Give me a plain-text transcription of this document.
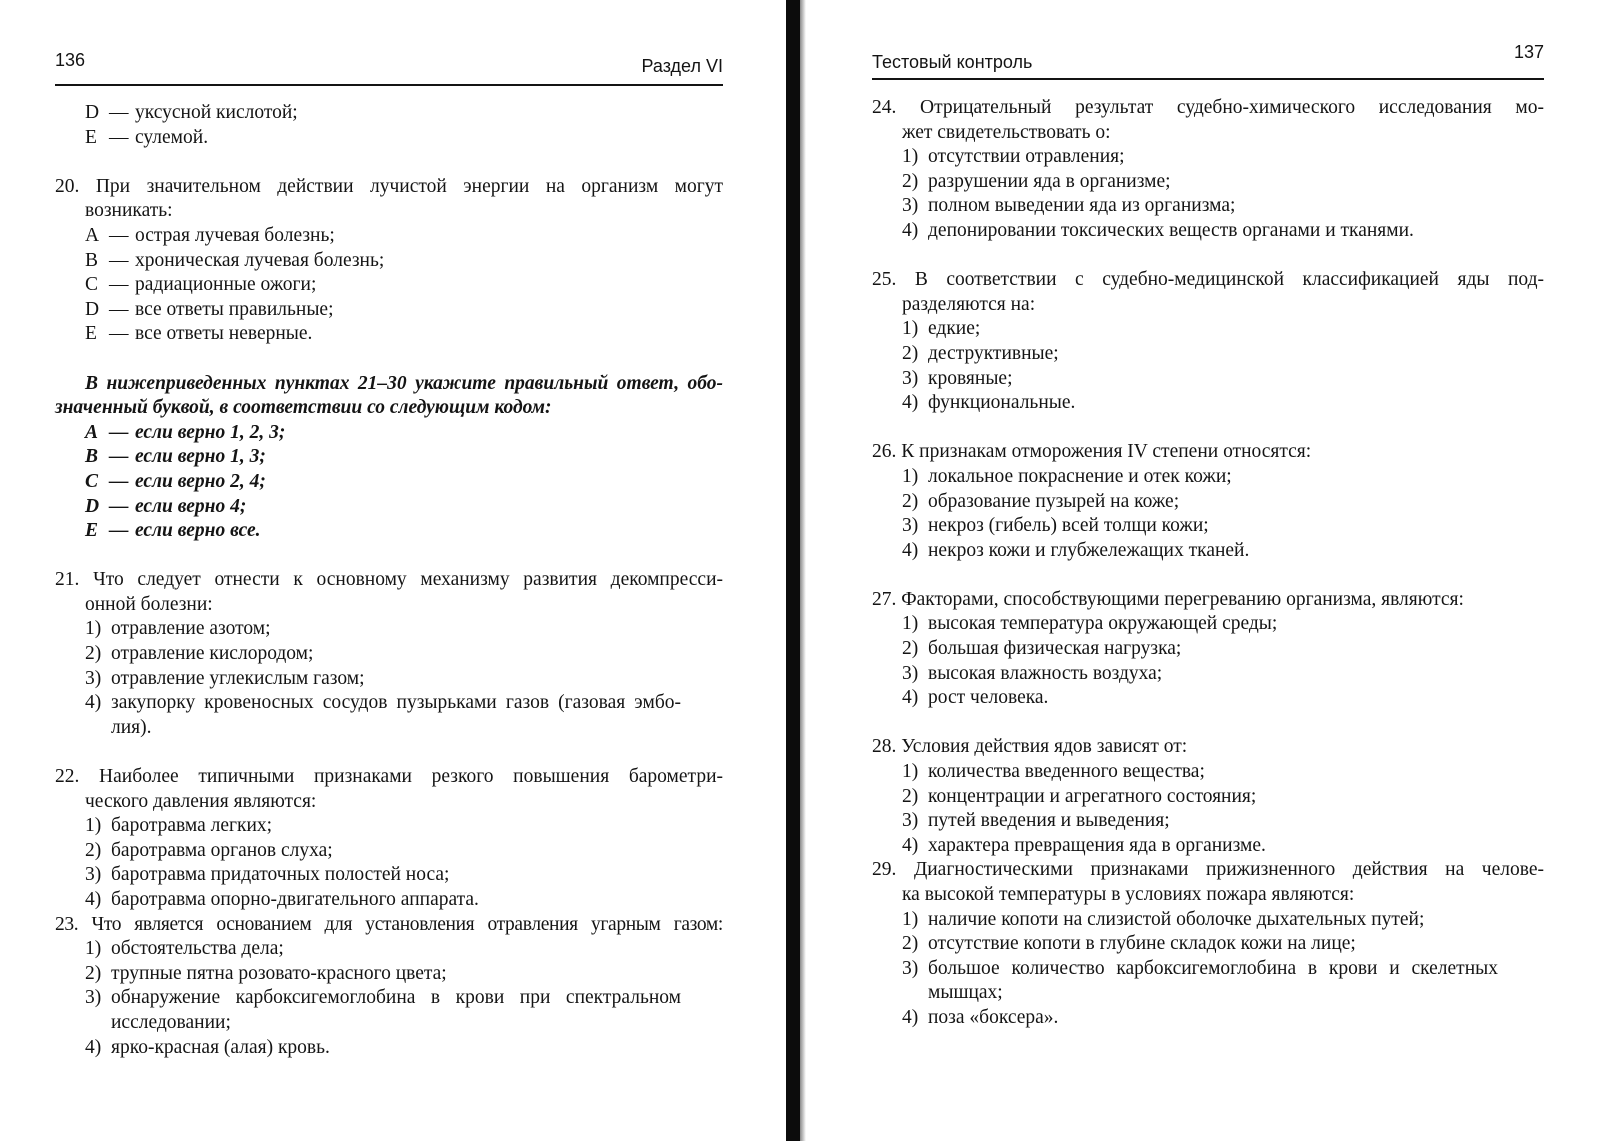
136	Раздел VI
D — уксусной кислотой;
E — сулемой.
20. При значительном действии лучистой энергии на организм могут
возникать:
A — острая лучевая болезнь;
B — хроническая лучевая болезнь;
C — радиационные ожоги;
D — все ответы правильные;
E — все ответы неверные.
В нижеприведенных пунктах 21–30 укажите правильный ответ, обо-
значенный буквой, в соответствии со следующим кодом:
A — если верно 1, 2, 3;
B — если верно 1, 3;
C — если верно 2, 4;
D — если верно 4;
E — если верно все.
21. Что следует отнести к основному механизму развития декомпресси-
онной болезни:
1) отравление азотом;
2) отравление кислородом;
3) отравление углекислым газом;
4) закупорку кровеносных сосудов пузырьками газов (газовая эмбо-
лия).
22. Наиболее типичными признаками резкого повышения барометри-
ческого давления являются:
1) баротравма легких;
2) баротравма органов слуха;
3) баротравма придаточных полостей носа;
4) баротравма опорно-двигательного аппарата.
23. Что является основанием для установления отравления угарным газом:
1) обстоятельства дела;
2) трупные пятна розовато-красного цвета;
3) обнаружение карбоксигемоглобина в крови при спектральном
исследовании;
4) ярко-красная (алая) кровь.
Тестовый контроль	137
24. Отрицательный результат судебно-химического исследования мо-
жет свидетельствовать о:
1) отсутствии отравления;
2) разрушении яда в организме;
3) полном выведении яда из организма;
4) депонировании токсических веществ органами и тканями.
25. В соответствии с судебно-медицинской классификацией яды под-
разделяются на:
1) едкие;
2) деструктивные;
3) кровяные;
4) функциональные.
26. К признакам отморожения IV степени относятся:
1) локальное покраснение и отек кожи;
2) образование пузырей на коже;
3) некроз (гибель) всей толщи кожи;
4) некроз кожи и глубжележащих тканей.
27. Факторами, способствующими перегреванию организма, являются:
1) высокая температура окружающей среды;
2) большая физическая нагрузка;
3) высокая влажность воздуха;
4) рост человека.
28. Условия действия ядов зависят от:
1) количества введенного вещества;
2) концентрации и агрегатного состояния;
3) путей введения и выведения;
4) характера превращения яда в организме.
29. Диагностическими признаками прижизненного действия на челове-
ка высокой температуры в условиях пожара являются:
1) наличие копоти на слизистой оболочке дыхательных путей;
2) отсутствие копоти в глубине складок кожи на лице;
3) большое количество карбоксигемоглобина в крови и скелетных
мышцах;
4) поза «боксера».
